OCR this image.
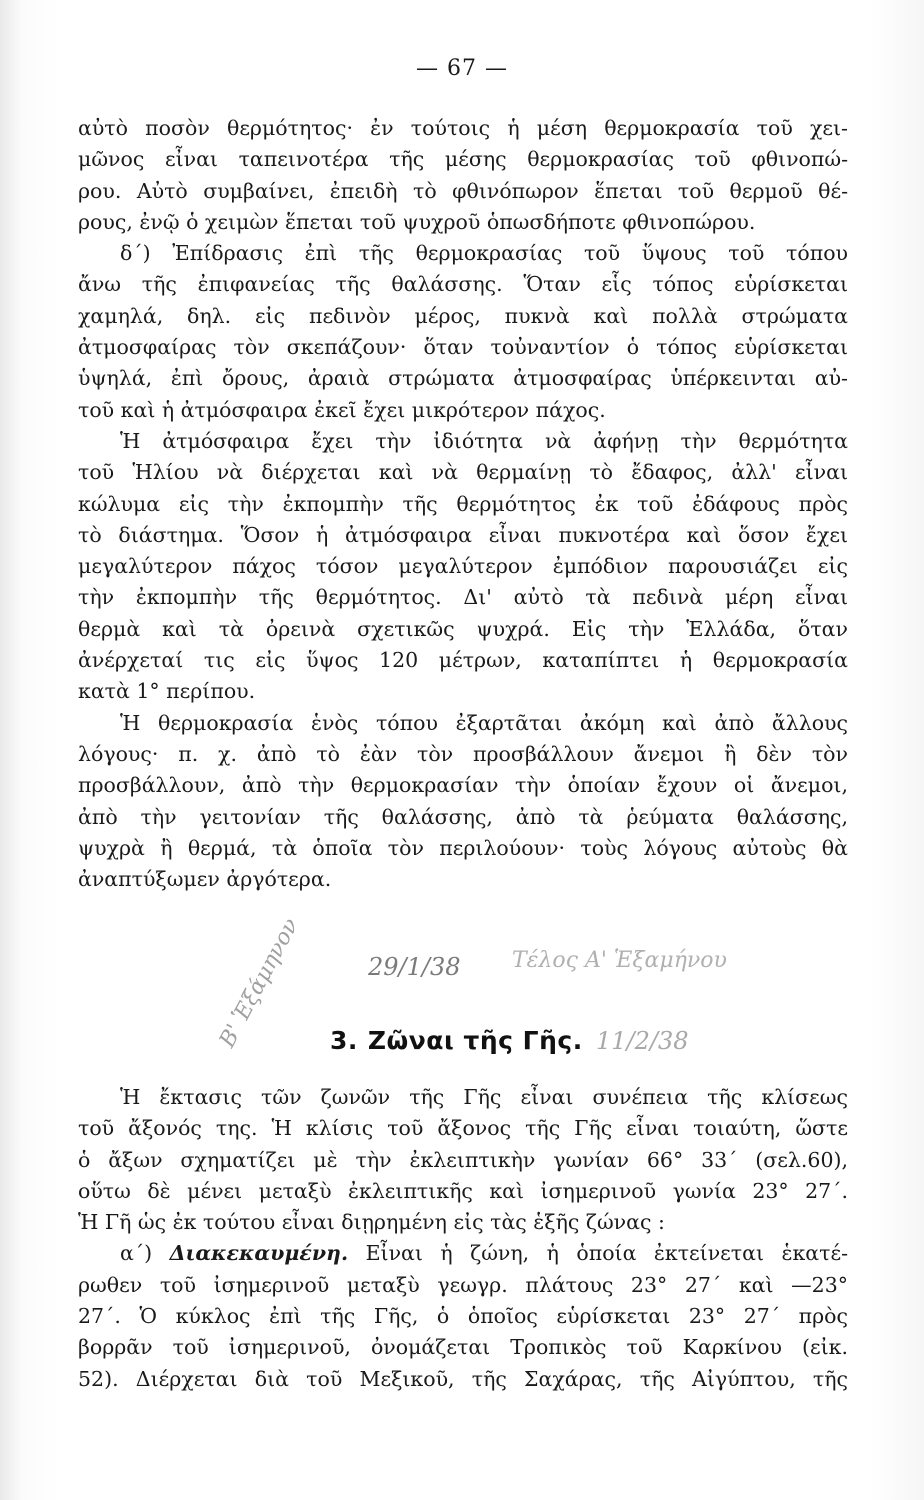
— 67 —
αὐτὸ ποσὸν θερμότητος· ἐν τούτοις ἡ μέση θερμοκρασία τοῦ χει-
μῶνος εἶναι ταπεινοτέρα τῆς μέσης θερμοκρασίας τοῦ φθινοπώ-
ρου. Αὐτὸ συμβαίνει, ἐπειδὴ τὸ φθινόπωρον ἕπεται τοῦ θερμοῦ θέ-
ρους, ἐνῷ ὁ χειμὼν ἕπεται τοῦ ψυχροῦ ὁπωσδήποτε φθινοπώρου.
δ΄) Ἐπίδρασις ἐπὶ τῆς θερμοκρασίας τοῦ ὕψους τοῦ τόπου
ἄνω τῆς ἐπιφανείας τῆς θαλάσσης. Ὅταν εἷς τόπος εὑρίσκεται
χαμηλά, δηλ. εἰς πεδινὸν μέρος, πυκνὰ καὶ πολλὰ στρώματα
ἀτμοσφαίρας τὸν σκεπάζουν· ὅταν τοὐναντίον ὁ τόπος εὑρίσκεται
ὑψηλά, ἐπὶ ὄρους, ἀραιὰ στρώματα ἀτμοσφαίρας ὑπέρκεινται αὐ-
τοῦ καὶ ἡ ἀτμόσφαιρα ἐκεῖ ἔχει μικρότερον πάχος.
Ἡ ἀτμόσφαιρα ἔχει τὴν ἰδιότητα νὰ ἀφήνῃ τὴν θερμότητα
τοῦ Ἡλίου νὰ διέρχεται καὶ νὰ θερμαίνῃ τὸ ἔδαφος, ἀλλ' εἶναι
κώλυμα εἰς τὴν ἐκπομπὴν τῆς θερμότητος ἐκ τοῦ ἐδάφους πρὸς
τὸ διάστημα. Ὅσον ἡ ἀτμόσφαιρα εἶναι πυκνοτέρα καὶ ὅσον ἔχει
μεγαλύτερον πάχος τόσον μεγαλύτερον ἐμπόδιον παρουσιάζει εἰς
τὴν ἐκπομπὴν τῆς θερμότητος. Δι' αὐτὸ τὰ πεδινὰ μέρη εἶναι
θερμὰ καὶ τὰ ὀρεινὰ σχετικῶς ψυχρά. Εἰς τὴν Ἑλλάδα, ὅταν
ἀνέρχεταί τις εἰς ὕψος 120 μέτρων, καταπίπτει ἡ θερμοκρασία
κατὰ 1° περίπου.
Ἡ θερμοκρασία ἑνὸς τόπου ἐξαρτᾶται ἀκόμη καὶ ἀπὸ ἄλλους
λόγους· π. χ. ἀπὸ τὸ ἐὰν τὸν προσβάλλουν ἄνεμοι ἢ δὲν τὸν
προσβάλλουν, ἀπὸ τὴν θερμοκρασίαν τὴν ὁποίαν ἔχουν οἱ ἄνεμοι,
ἀπὸ τὴν γειτονίαν τῆς θαλάσσης, ἀπὸ τὰ ῥεύματα θαλάσσης,
ψυχρὰ ἢ θερμά, τὰ ὁποῖα τὸν περιλούουν· τοὺς λόγους αὐτοὺς θὰ
ἀναπτύξωμεν ἀργότερα.
29/1/38 Τέλος Α' Ἑξαμήνου
Β' Ἑξάμηνον 3. Ζῶναι τῆς Γῆς. 11/2/38
Ἡ ἔκτασις τῶν ζωνῶν τῆς Γῆς εἶναι συνέπεια τῆς κλίσεως
τοῦ ἄξονός της. Ἡ κλίσις τοῦ ἄξονος τῆς Γῆς εἶναι τοιαύτη, ὥστε
ὁ ἄξων σχηματίζει μὲ τὴν ἐκλειπτικὴν γωνίαν 66° 33΄ (σελ.60),
οὕτω δὲ μένει μεταξὺ ἐκλειπτικῆς καὶ ἰσημερινοῦ γωνία 23° 27΄.
Ἡ Γῆ ὡς ἐκ τούτου εἶναι διῃρημένη εἰς τὰς ἑξῆς ζώνας :
α΄) Διακεκαυμένη. Εἶναι ἡ ζώνη, ἡ ὁποία ἐκτείνεται ἑκατέ-
ρωθεν τοῦ ἰσημερινοῦ μεταξὺ γεωγρ. πλάτους 23° 27΄ καὶ —23°
27΄. Ὁ κύκλος ἐπὶ τῆς Γῆς, ὁ ὁποῖος εὑρίσκεται 23° 27΄ πρὸς
βορρᾶν τοῦ ἰσημερινοῦ, ὀνομάζεται Τροπικὸς τοῦ Καρκίνου (εἰκ.
52). Διέρχεται διὰ τοῦ Μεξικοῦ, τῆς Σαχάρας, τῆς Αἰγύπτου, τῆς
